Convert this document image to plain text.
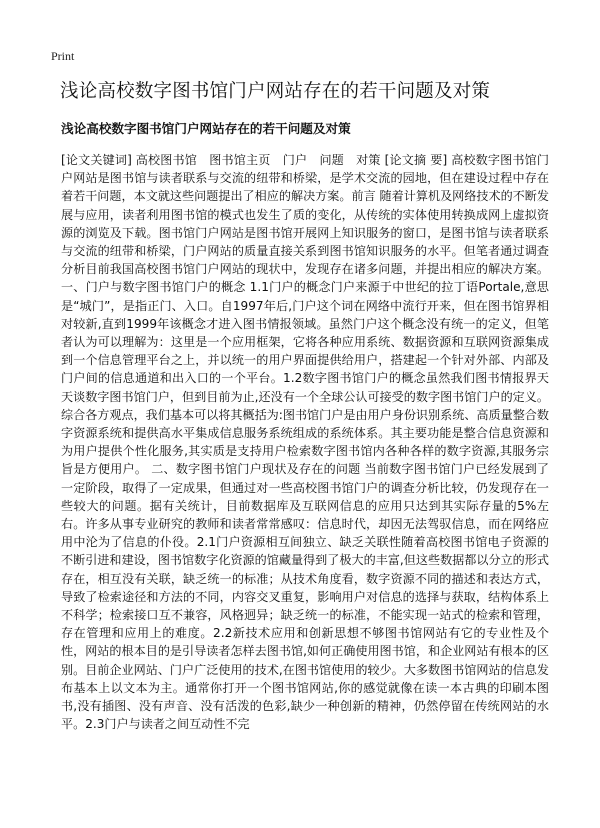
Print
浅论高校数字图书馆门户网站存在的若干问题及对策
浅论高校数字图书馆门户网站存在的若干问题及对策

[论文关键词] 高校图书馆　图书馆主页　门户　问题　对策 [论文摘 要] 高校数字图书馆门户网站是图书馆与读者联系与交流的纽带和桥梁，是学术交流的园地，但在建设过程中存在着若干问题，本文就这些问题提出了相应的解决方案。前言 随着计算机及网络技术的不断发展与应用，读者利用图书馆的模式也发生了质的变化，从传统的实体使用转换成网上虚拟资源的浏览及下载。图书馆门户网站是图书馆开展网上知识服务的窗口，是图书馆与读者联系与交流的纽带和桥梁，门户网站的质量直接关系到图书馆知识服务的水平。但笔者通过调查分析目前我国高校图书馆门户网站的现状中，发现存在诸多问题，并提出相应的解决方案。 一、门户与数字图书馆门户的概念 1.1门户的概念门户来源于中世纪的拉丁语Portale,意思是“城门”，是指正门、入口。自1997年后,门户这个词在网络中流行开来，但在图书馆界相对较新,直到1999年该概念才进入图书情报领域。虽然门户这个概念没有统一的定义，但笔者认为可以理解为：这里是一个应用框架，它将各种应用系统、数据资源和互联网资源集成到一个信息管理平台之上，并以统一的用户界面提供给用户，搭建起一个针对外部、内部及门户间的信息通道和出入口的一个平台。1.2数字图书馆门户的概念虽然我们图书情报界天天谈数字图书馆门户，但到目前为止,还没有一个全球公认可接受的数字图书馆门户的定义。综合各方观点，我们基本可以将其概括为:图书馆门户是由用户身份识别系统、高质量整合数字资源系统和提供高水平集成信息服务系统组成的系统体系。其主要功能是整合信息资源和为用户提供个性化服务,其实质是支持用户检索数字图书馆内各种各样的数字资源,其服务宗旨是方便用户。 二、数字图书馆门户现状及存在的问题 当前数字图书馆门户已经发展到了一定阶段，取得了一定成果，但通过对一些高校图书馆门户的调查分析比较，仍发现存在一些较大的问题。据有关统计，目前数据库及互联网信息的应用只达到其实际存量的5%左右。许多从事专业研究的教师和读者常常感叹：信息时代，却因无法驾驭信息，而在网络应用中沦为了信息的仆役。2.1门户资源相互间独立、缺乏关联性随着高校图书馆电子资源的不断引进和建设，图书馆数字化资源的馆藏量得到了极大的丰富,但这些数据都以分立的形式存在，相互没有关联，缺乏统一的标准；从技术角度看，数字资源不同的描述和表达方式，导致了检索途径和方法的不同，内容交叉重复，影响用户对信息的选择与获取，结构体系上不科学；检索接口互不兼容，风格迥异；缺乏统一的标准，不能实现一站式的检索和管理，存在管理和应用上的难度。2.2新技术应用和创新思想不够图书馆网站有它的专业性及个性，网站的根本目的是引导读者怎样去图书馆,如何正确使用图书馆，和企业网站有根本的区别。目前企业网站、门户广泛使用的技术,在图书馆使用的较少。大多数图书馆网站的信息发布基本上以文本为主。通常你打开一个图书馆网站,你的感觉就像在读一本古典的印刷本图书,没有插图、没有声音、没有活泼的色彩,缺少一种创新的精神，仍然停留在传统网站的水平。2.3门户与读者之间互动性不完
